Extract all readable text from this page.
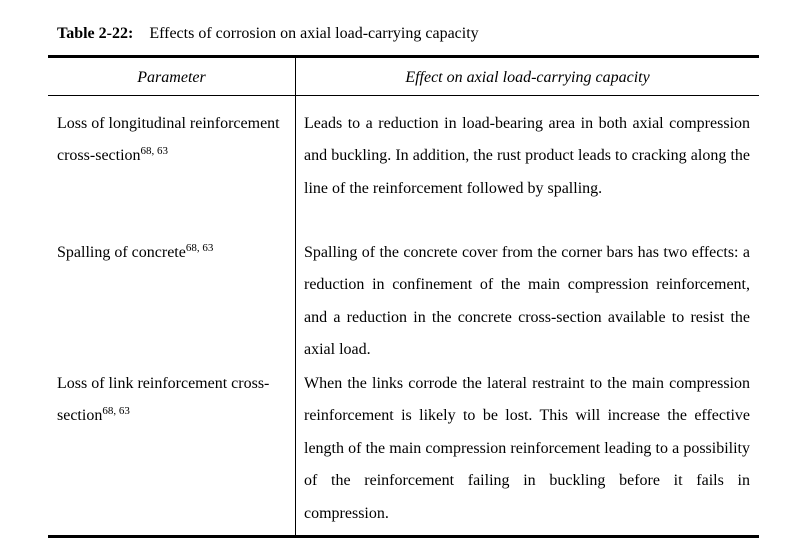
Table 2-22: Effects of corrosion on axial load-carrying capacity
Parameter	Effect on axial load-carrying capacity
Loss of longitudinal reinforcement cross-section$^{68, 63}$
Leads to a reduction in load-bearing area in both axial compression and buckling. In addition, the rust product leads to cracking along the line of the reinforcement followed by spalling.
Spalling of concrete$^{68, 63}$	Spalling of the concrete cover from the corner bars has two effects: a reduction in confinement of the main compression reinforcement, and a reduction in the concrete cross-section available to resist the axial load.
Loss of link reinforcement cross-section$^{68, 63}$
When the links corrode the lateral restraint to the main compression reinforcement is likely to be lost. This will increase the effective length of the main compression reinforcement leading to a possibility of the reinforcement failing in buckling before it fails in compression.
